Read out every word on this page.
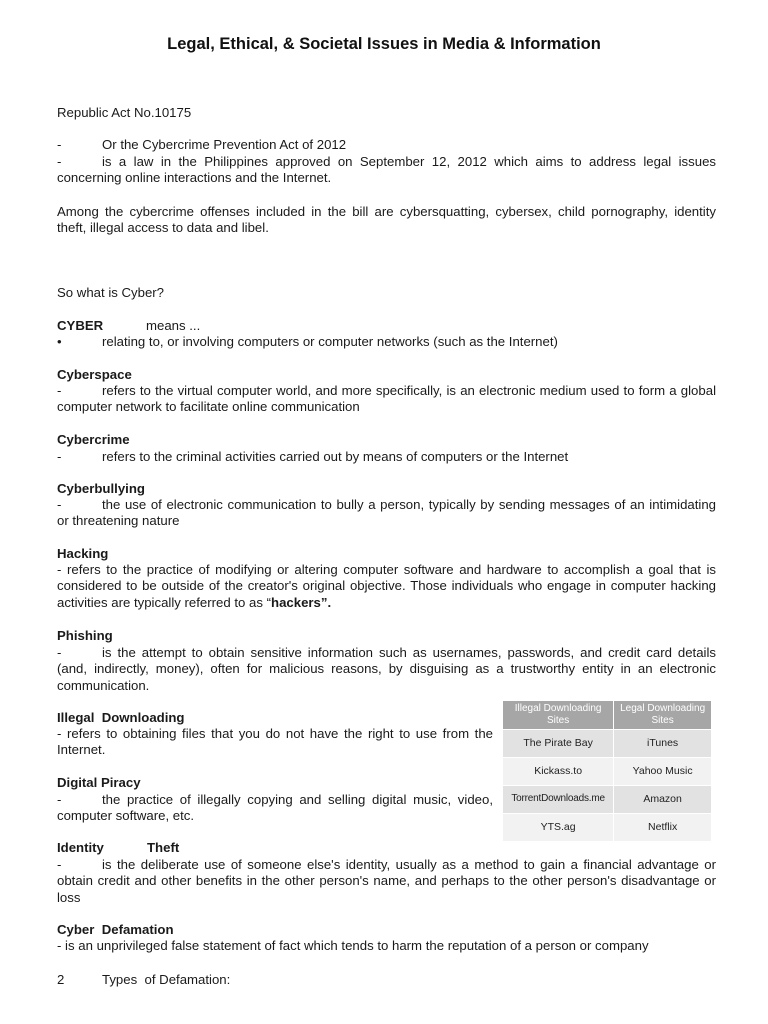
Legal, Ethical, & Societal Issues in Media & Information
Republic Act No.10175
-	Or the Cybercrime Prevention Act of 2012
-	is a law in the Philippines approved on September 12, 2012 which aims to address legal issues concerning online interactions and the Internet.
Among the cybercrime offenses included in the bill are cybersquatting, cybersex, child pornography, identity theft, illegal access to data and libel.
So what is Cyber?
CYBER	means ...
•	relating to, or involving computers or computer networks (such as the Internet)
Cyberspace
-	refers to the virtual computer world, and more specifically, is an electronic medium used to form a global computer network to facilitate online communication
Cybercrime
-	refers to the criminal activities carried out by means of computers or the Internet
Cyberbullying
-	the use of electronic communication to bully a person, typically by sending messages of an intimidating or threatening nature
Hacking
- refers to the practice of modifying or altering computer software and hardware to accomplish a goal that is considered to be outside of the creator's original objective. Those individuals who engage in computer hacking activities are typically referred to as “hackers”.
Phishing
-	is the attempt to obtain sensitive information such as usernames, passwords, and credit card details (and, indirectly, money), often for malicious reasons, by disguising as a trustworthy entity in an electronic communication.
Illegal  Downloading
- refers to obtaining files that you do not have the right to use from the Internet.
Digital Piracy
-	the practice of illegally copying and selling digital music, video, computer software, etc.
Identity	Theft
-	is the deliberate use of someone else's identity, usually as a method to gain a financial advantage or obtain credit and other benefits in the other person's name, and perhaps to the other person's disadvantage or loss
Cyber  Defamation
- is an unprivileged false statement of fact which tends to harm the reputation of a person or company
2	Types  of Defamation:
Illegal Downloading Sites	Legal Downloading Sites
The Pirate Bay	iTunes
Kickass.to	Yahoo Music
TorrentDownloads.me	Amazon
YTS.ag	Netflix
